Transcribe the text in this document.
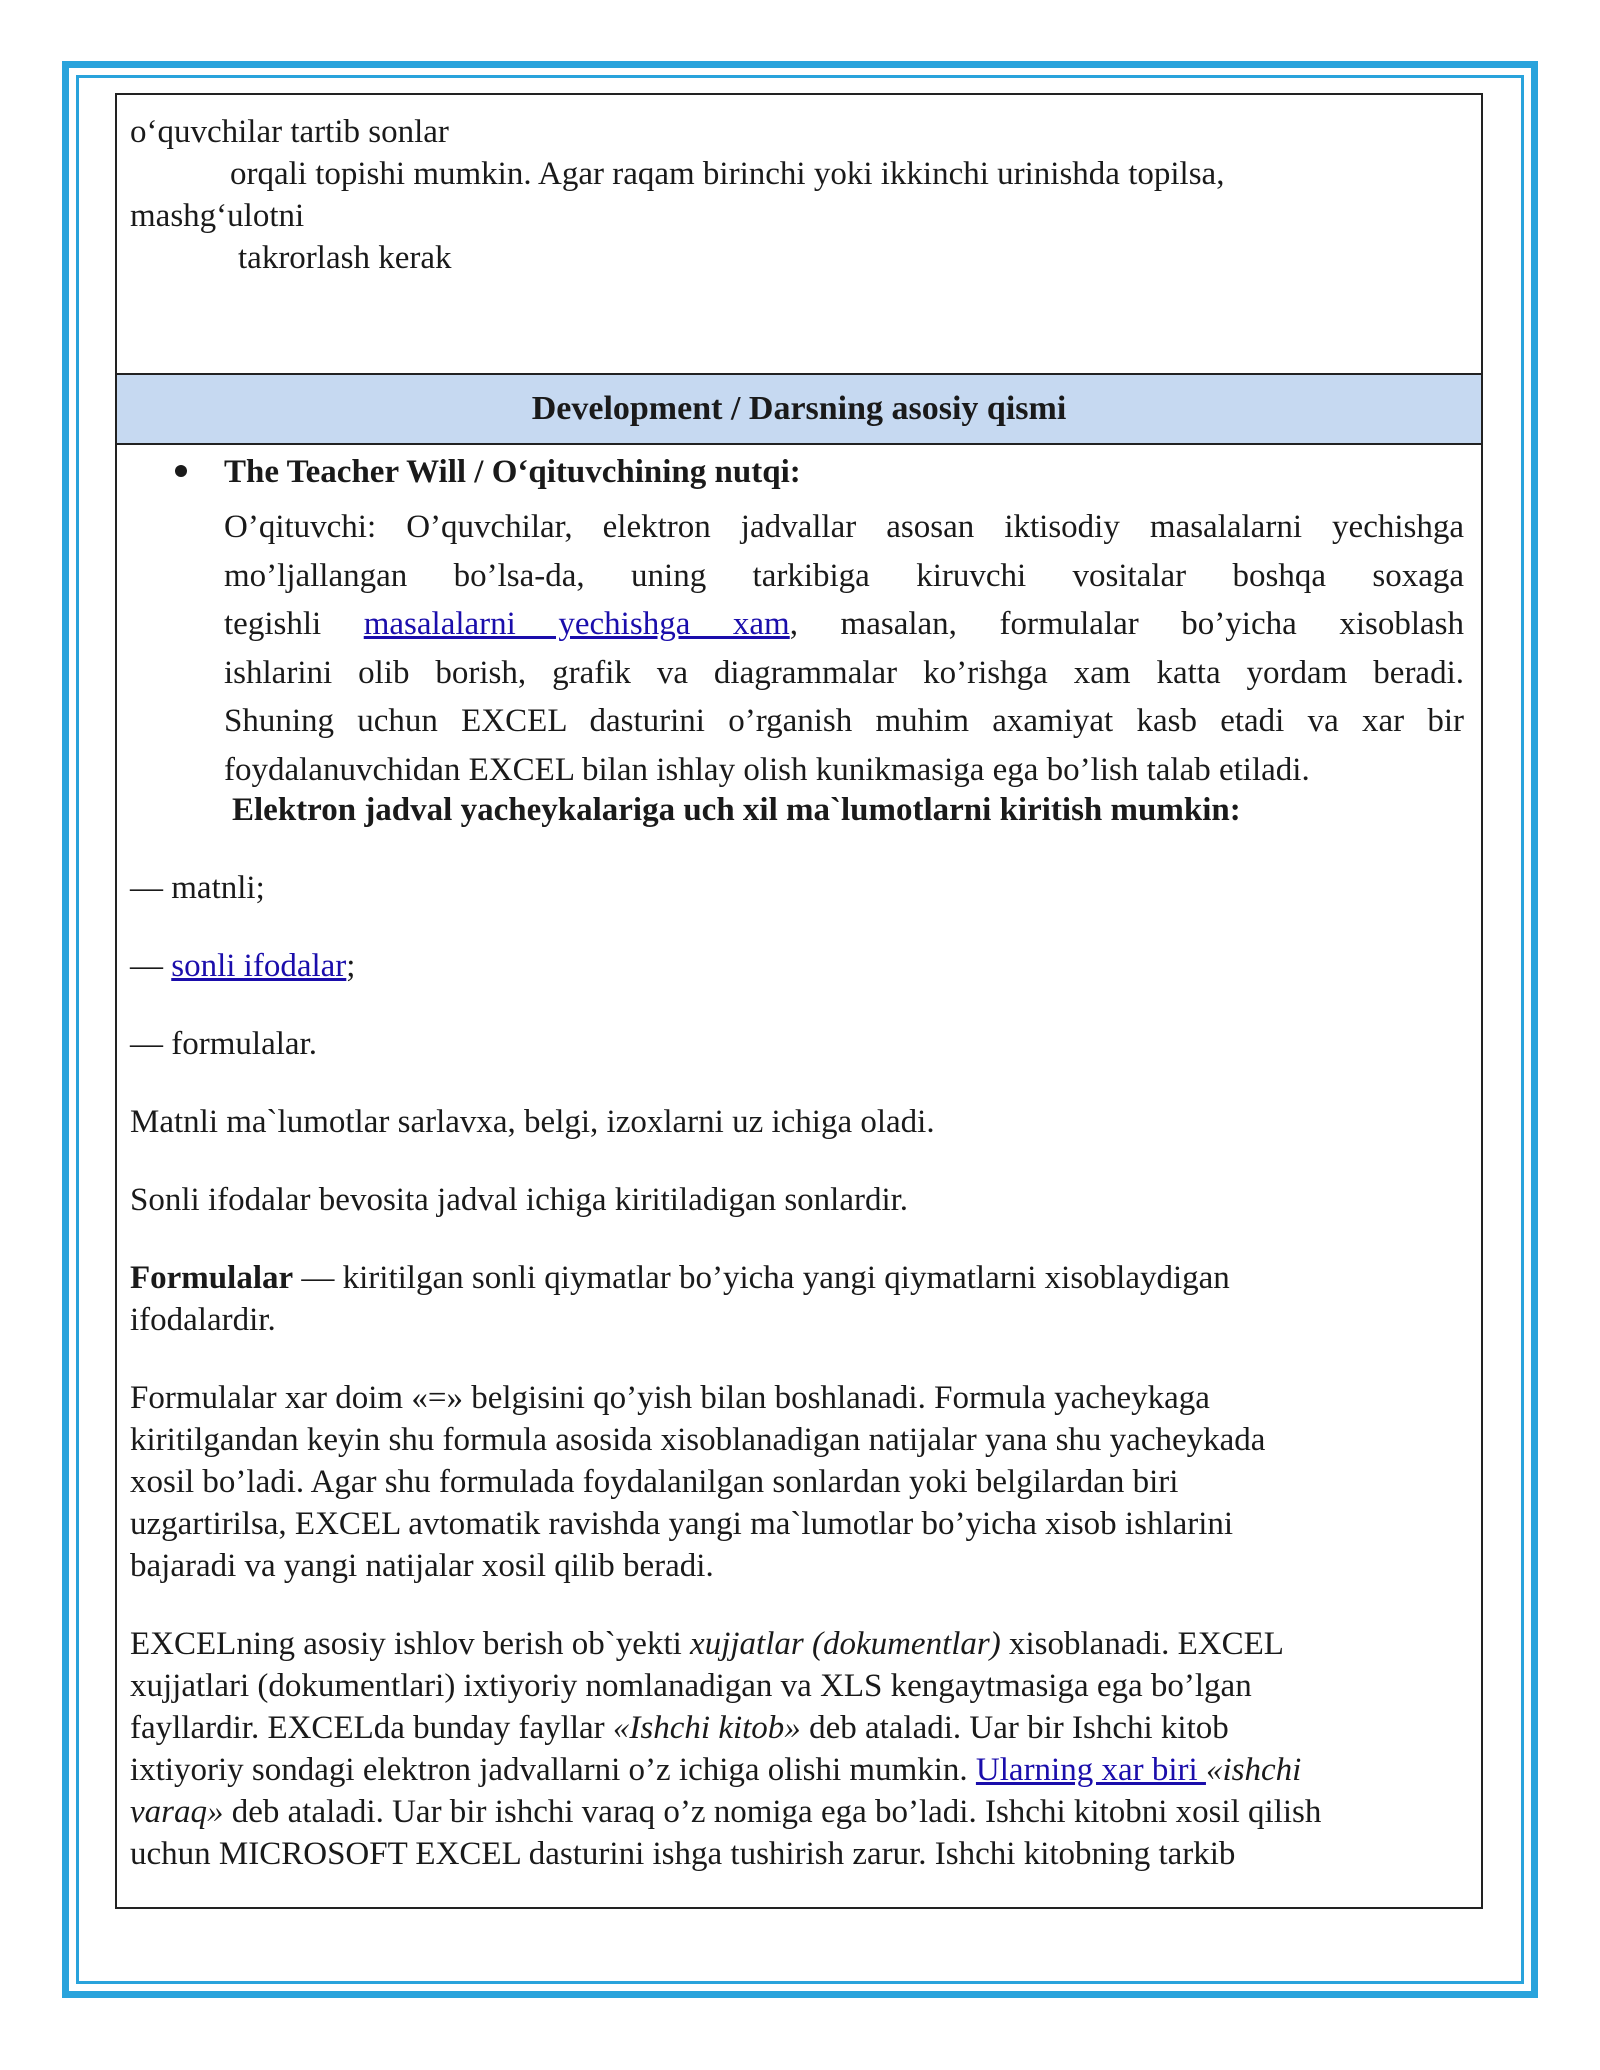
o‘quvchilar tartib sonlar
orqali topishi mumkin. Agar raqam birinchi yoki ikkinchi urinishda topilsa,
mashg‘ulotni
takrorlash kerak
Development / Darsning asosiy qismi
The Teacher Will / O‘qituvchining nutqi:
O’qituvchi: O’quvchilar, elektron jadvallar asosan iktisodiy masalalarni yechishga
mo’ljallangan bo’lsa-da, uning tarkibiga kiruvchi vositalar boshqa soxaga
tegishli masalalarni yechishga xam, masalan, formulalar bo’yicha xisoblash
ishlarini olib borish, grafik va diagrammalar ko’rishga xam katta yordam beradi.
Shuning uchun EXCEL dasturini o’rganish muhim axamiyat kasb etadi va xar bir
foydalanuvchidan EXCEL bilan ishlay olish kunikmasiga ega bo’lish talab etiladi.
Elektron jadval yacheykalariga uch xil ma`lumotlarni kiritish mumkin:
— matnli;
— sonli ifodalar;
— formulalar.
Matnli ma`lumotlar sarlavxa, belgi, izoxlarni uz ichiga oladi.
Sonli ifodalar bevosita jadval ichiga kiritiladigan sonlardir.
Formulalar — kiritilgan sonli qiymatlar bo’yicha yangi qiymatlarni xisoblaydigan
ifodalardir.
Formulalar xar doim «=» belgisini qo’yish bilan boshlanadi. Formula yacheykaga
kiritilgandan keyin shu formula asosida xisoblanadigan natijalar yana shu yacheykada
xosil bo’ladi. Agar shu formulada foydalanilgan sonlardan yoki belgilardan biri
uzgartirilsa, EXCEL avtomatik ravishda yangi ma`lumotlar bo’yicha xisob ishlarini
bajaradi va yangi natijalar xosil qilib beradi.
EXCELning asosiy ishlov berish ob`yekti xujjatlar (dokumentlar) xisoblanadi. EXCEL
xujjatlari (dokumentlari) ixtiyoriy nomlanadigan va XLS kengaytmasiga ega bo’lgan
fayllardir. EXCELda bunday fayllar «Ishchi kitob» deb ataladi. Uar bir Ishchi kitob
ixtiyoriy sondagi elektron jadvallarni o’z ichiga olishi mumkin. Ularning xar biri «ishchi
varaq» deb ataladi. Uar bir ishchi varaq o’z nomiga ega bo’ladi. Ishchi kitobni xosil qilish
uchun MICROSOFT EXCEL dasturini ishga tushirish zarur. Ishchi kitobning tarkib
